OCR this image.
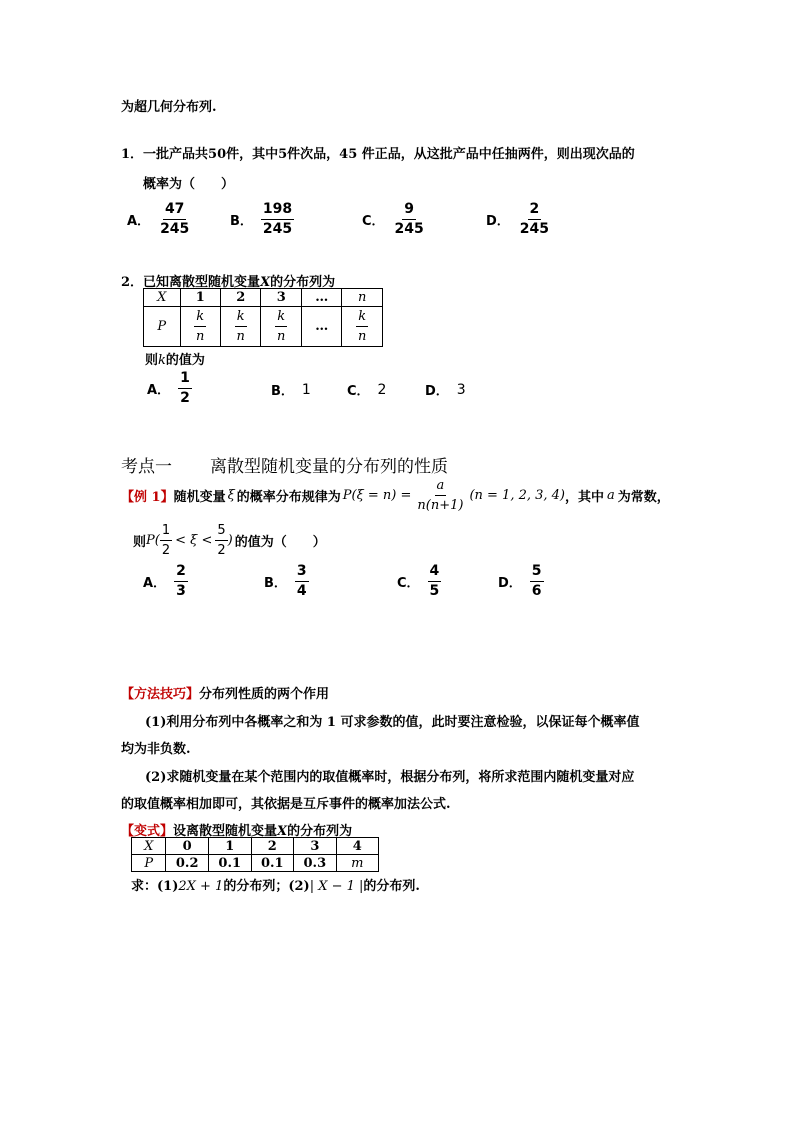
为超几何分布列.
1．一批产品共50件，其中5件次品，45 件正品，从这批产品中任抽两件，则出现次品的
概率为（　　）
A． $\frac{47}{245}$	B． $\frac{198}{245}$	C． $\frac{9}{245}$	D． $\frac{2}{245}$
2．已知离散型随机变量X的分布列为
X	1	2	3	…	n
P	$\frac{k}{n}$	$\frac{k}{n}$	$\frac{k}{n}$	…	$\frac{k}{n}$
则k的值为
A． $\frac{1}{2}$	B． 1	C． 2	D． 3
考点一 离散型随机变量的分布列的性质
【例 1】 随机变量 ξ 的概率分布规律为 $P(\xi = n) = \frac{a}{n(n+1)} (n = 1$, 2, 3, 4) ，其中 a 为常数，
则 $P( \frac{1}{2} < \xi < \frac{5}{2}$ ) 的值为（　　）
A． $\frac{2}{3}$	B． $\frac{3}{4}$	C． $\frac{4}{5}$	D． $\frac{5}{6}$
【方法技巧】分布列性质的两个作用
(1)利用分布列中各概率之和为 1 可求参数的值，此时要注意检验，以保证每个概率值
均为非负数.
(2)求随机变量在某个范围内的取值概率时，根据分布列，将所求范围内随机变量对应
的取值概率相加即可，其依据是互斥事件的概率加法公式.
【变式】设离散型随机变量X的分布列为
X	0	1	2	3	4
P	0.2	0.1	0.1	0.3	m
求：(1)2X + 1的分布列；(2)| X − 1 |的分布列.
